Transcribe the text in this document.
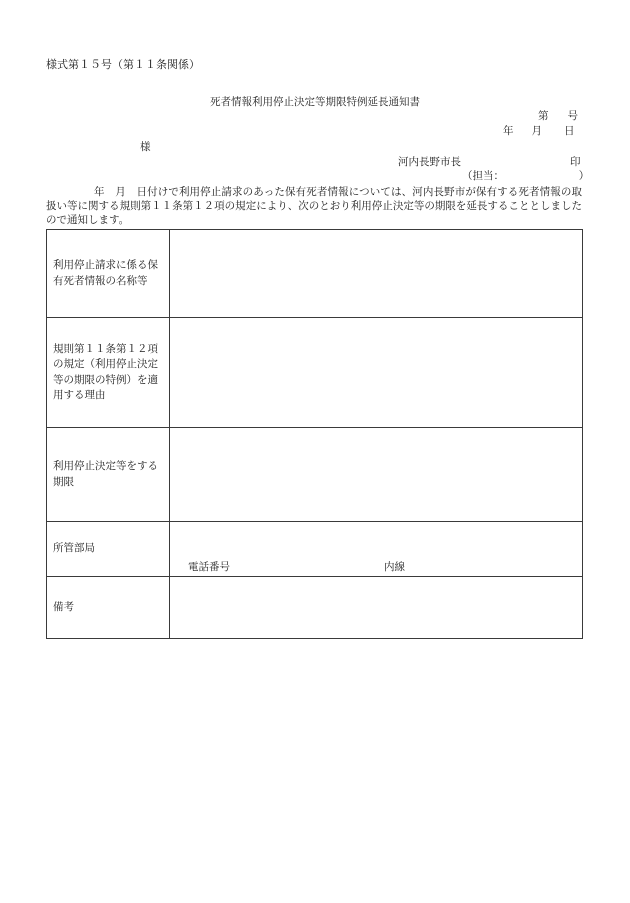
様式第１５号（第１１条関係）
死者情報利用停止決定等期限特例延長通知書
第 号
年 月 日
様
河内長野市長	印
（担当：	）
年　月　日付けで利用停止請求のあった保有死者情報については、河内長野市が保有する死者情報の取扱い等に関する規則第１１条第１２項の規定により、次のとおり利用停止決定等の期限を延長することとしましたので通知します。
利用停止請求に係る保有死者情報の名称等	
規則第１１条第１２項の規定（利用停止決定等の期限の特例）を適用する理由	
利用停止決定等をする期限	
所管部局	電話番号 内線

備考	
